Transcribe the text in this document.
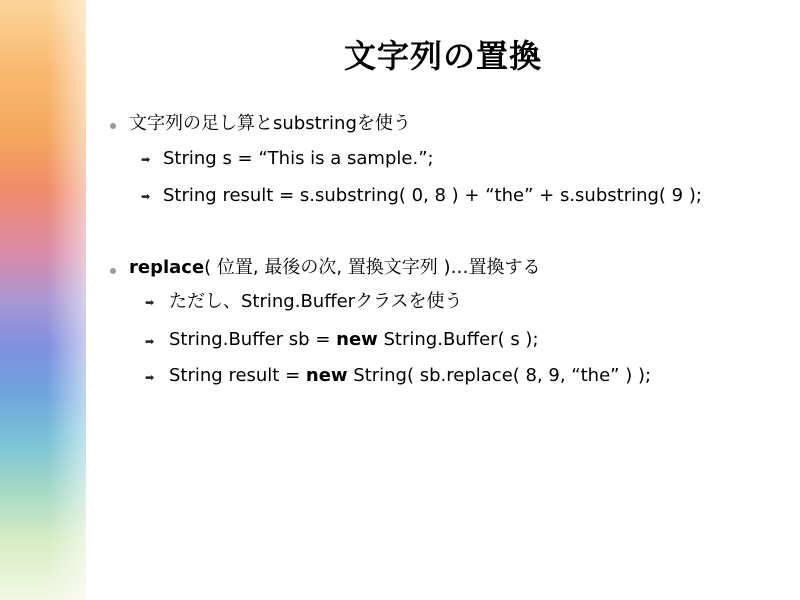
文字列の置換
文字列の足し算とsubstringを使う
➡ String s = “This is a sample.”;
➡ String result = s.substring( 0, 8 ) + “the” + s.substring( 9 );
replace( 位置, 最後の次, 置換文字列 )…置換する
➡ ただし、String.Bufferクラスを使う
➡ String.Buffer sb = new String.Buffer( s );
➡ String result = new String( sb.replace( 8, 9, “the” ) );
